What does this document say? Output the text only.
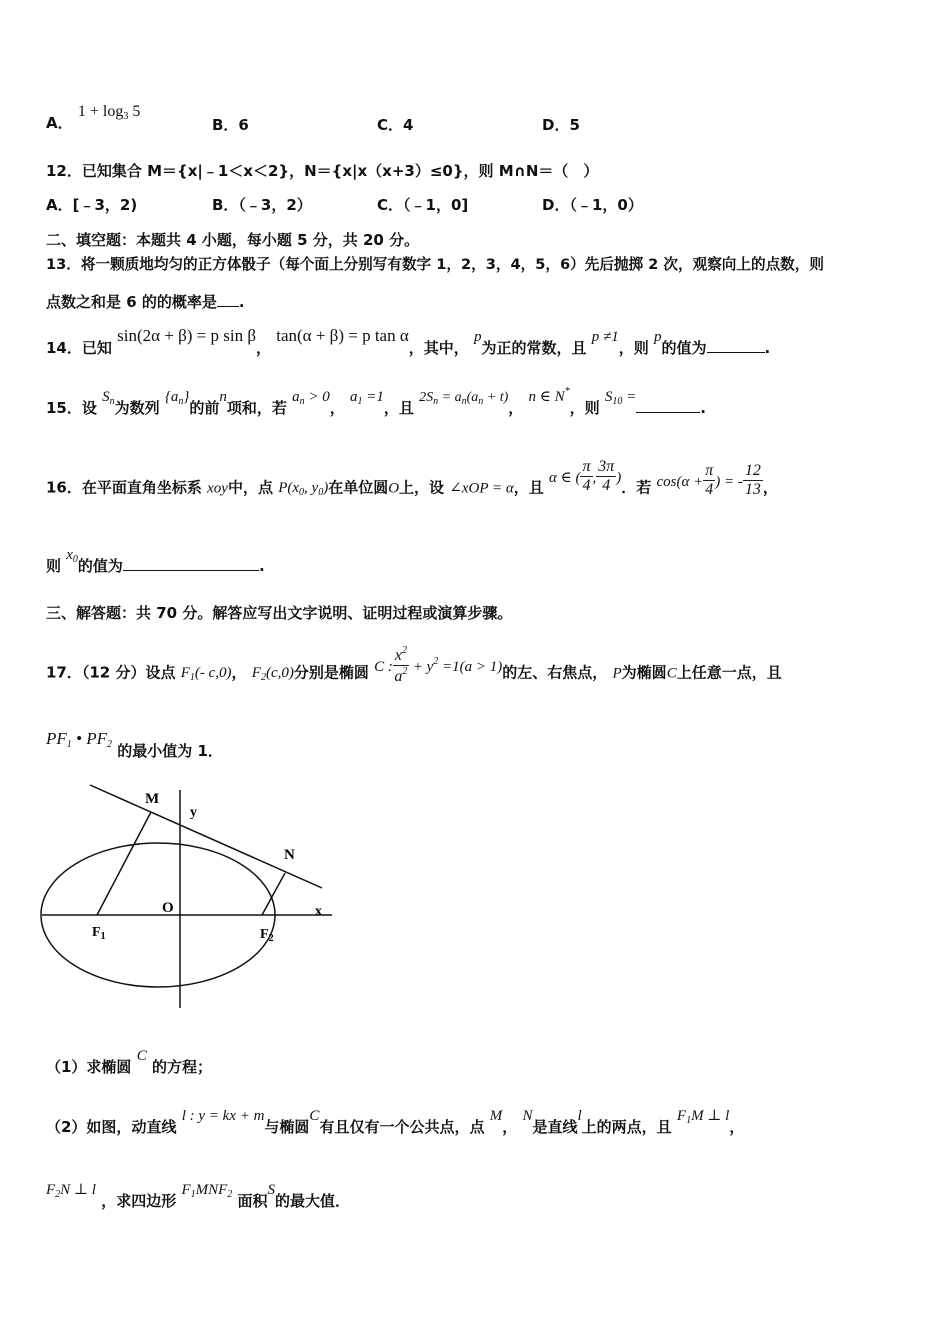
A． $1 + \log_3 5$
B．6	C．4	D．5
12．已知集合 M＝{x|﹣1＜x＜2}，N＝{x|x（x+3）≤0}，则 M∩N＝（　）
A．[﹣3，2)	B．（﹣3，2）	C．（﹣1，0]	D．（﹣1，0）
二、填空题：本题共 4 小题，每小题 5 分，共 20 分。
13．将一颗质地均匀的正方体骰子（每个面上分别写有数字 1，2，3，4，5，6）先后抛掷 2 次，观察向上的点数，则
点数之和是 6 的的概率是 .
14．已知 sin(2α + β) = p sin β， tan(α + β) = p tan α，其中， p为正的常数，且 p ≠1，则 p的值为	.
15．设 $S_n$为数列 $\{a_n\}$的前n项和，若 $a_n > 0$， $a_1 =1$，且 $2S_n = a_n(a_n + t)$， n ∈ N*，则 $S_{10}$ =.
16．在平面直角坐标系 xoy中，点 $P(x_0$, $y_0$)在单位圆O上，设 ∠xOP = α，且 α ∈ ( $\frac{\pi}{4}$ , $\frac{3\pi}{4}$ )．若 $\cos(\alpha + \frac{\pi}{4}$ ) = - $\frac{12}{13}$ ，
则 $x_0$的值为	.
三、解答题：共 70 分。解答应写出文字说明、证明过程或演算步骤。
17．（12 分）设点 $F_1(-$ c,0)， $F_2(c,0)$分别是椭圆 C : $\frac{x^2}{a^2} + y^2 =1(a > 1)$的左、右焦点， P为椭圆C上任意一点，且
$PF_1$ • $PF_2$ 的最小值为 1．
M
N
y
x
O
$F_1$	$F_2$
（1）求椭圆 C 的方程；
（2）如图，动直线 l : y = kx + m与椭圆C有且仅有一个公共点，点 M， N是直线l上的两点，且 $F_1M$ ⊥ l，
$F_2N$ ⊥ l ，求四边形 $F_1MNF_2$ 面积S的最大值．
